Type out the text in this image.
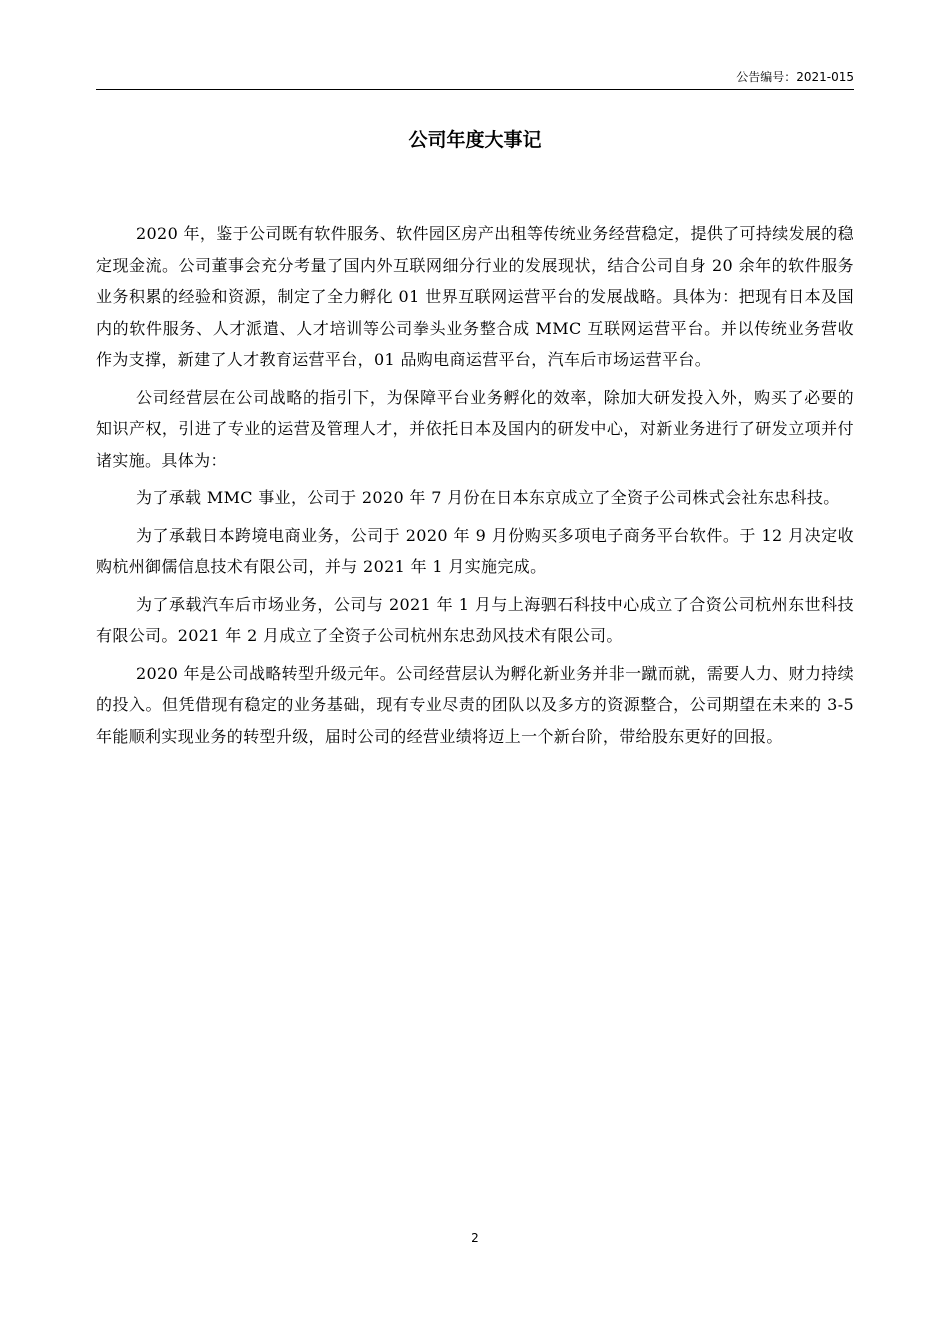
公告编号：2021-015
公司年度大事记

2020 年，鉴于公司既有软件服务、软件园区房产出租等传统业务经营稳定，提供了可持续发展的稳定现金流。公司董事会充分考量了国内外互联网细分行业的发展现状，结合公司自身 20 余年的软件服务业务积累的经验和资源，制定了全力孵化 01 世界互联网运营平台的发展战略。具体为：把现有日本及国内的软件服务、人才派遣、人才培训等公司拳头业务整合成 MMC 互联网运营平台。并以传统业务营收作为支撑，新建了人才教育运营平台，01 品购电商运营平台，汽车后市场运营平台。

公司经营层在公司战略的指引下，为保障平台业务孵化的效率，除加大研发投入外，购买了必要的知识产权，引进了专业的运营及管理人才，并依托日本及国内的研发中心，对新业务进行了研发立项并付诸实施。具体为：

为了承载 MMC 事业，公司于 2020 年 7 月份在日本东京成立了全资子公司株式会社东忠科技。

为了承载日本跨境电商业务，公司于 2020 年 9 月份购买多项电子商务平台软件。于 12 月决定收购杭州御儒信息技术有限公司，并与 2021 年 1 月实施完成。

为了承载汽车后市场业务，公司与 2021 年 1 月与上海驷石科技中心成立了合资公司杭州东世科技有限公司。2021 年 2 月成立了全资子公司杭州东忠劲风技术有限公司。

2020 年是公司战略转型升级元年。公司经营层认为孵化新业务并非一蹴而就，需要人力、财力持续的投入。但凭借现有稳定的业务基础，现有专业尽责的团队以及多方的资源整合，公司期望在未来的 3-5 年能顺利实现业务的转型升级，届时公司的经营业绩将迈上一个新台阶，带给股东更好的回报。

2
